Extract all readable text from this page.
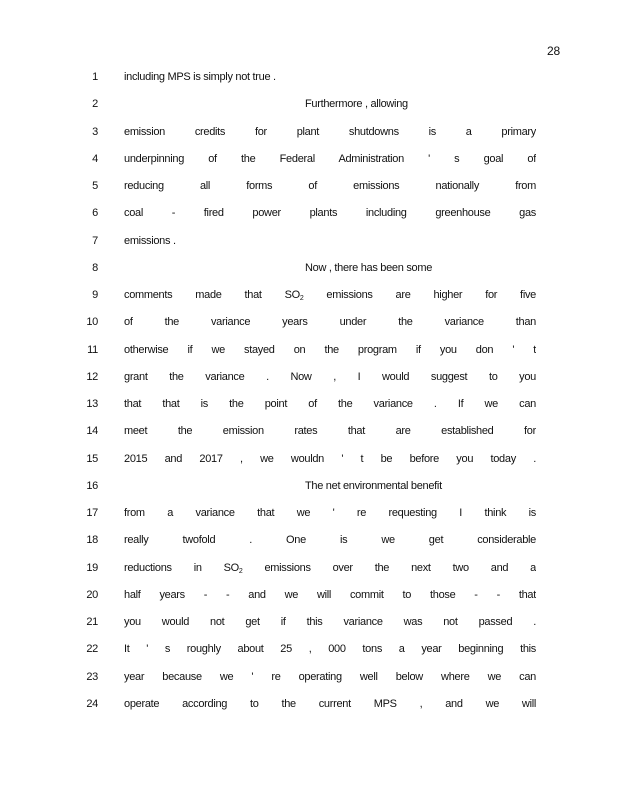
28
1 including MPS is simply not true .
2	Furthermore , allowing
3 emission credits for plant shutdowns is a primary
4 underpinning of the Federal Administration ' s goal of
5 reducing all forms of emissions nationally from
6 coal - fired power plants including greenhouse gas
7 emissions .
8	Now , there has been some
9 comments made that $SO_2$ emissions are higher for five
10 of the variance years under the variance than
11 otherwise if we stayed on the program if you don ' t
12 grant the variance . Now , I would suggest to you
13 that that is the point of the variance . If we can
14 meet the emission rates that are established for
15 2015 and 2017 , we wouldn ' t be before you today .
16	The net environmental benefit
17 from a variance that we ' re requesting I think is
18 really twofold . One is we get considerable
19 reductions in $SO_2$ emissions over the next two and a
20 half years - - and we will commit to those - - that
21 you would not get if this variance was not passed .
22 It ' s roughly about 25 , 000 tons a year beginning this
23 year because we ' re operating well below where we can
24 operate according to the current MPS , and we will
